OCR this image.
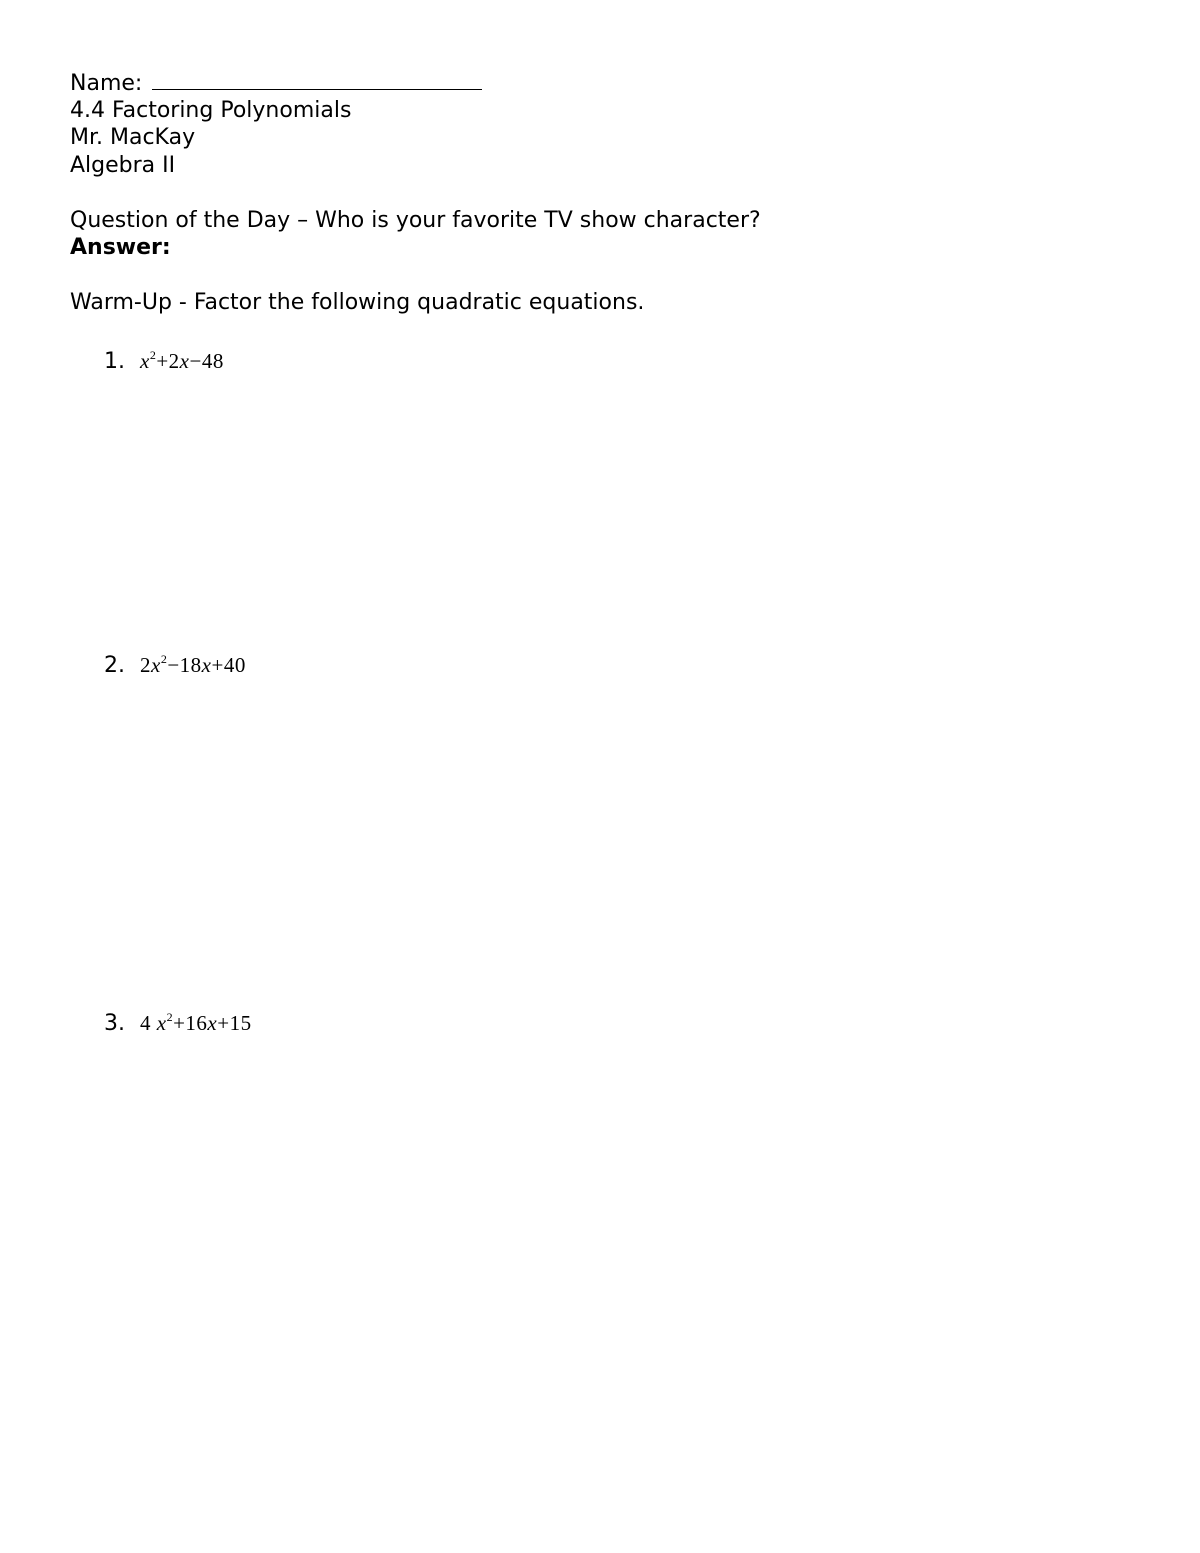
Name:
4.4 Factoring Polynomials
Mr. MacKay
Algebra II
Question of the Day – Who is your favorite TV show character?
Answer:
Warm-Up - Factor the following quadratic equations.
1. $x^2+2x-48$
2. $2x^2-18x+40$
3. 4 $x^2+16x+15$
